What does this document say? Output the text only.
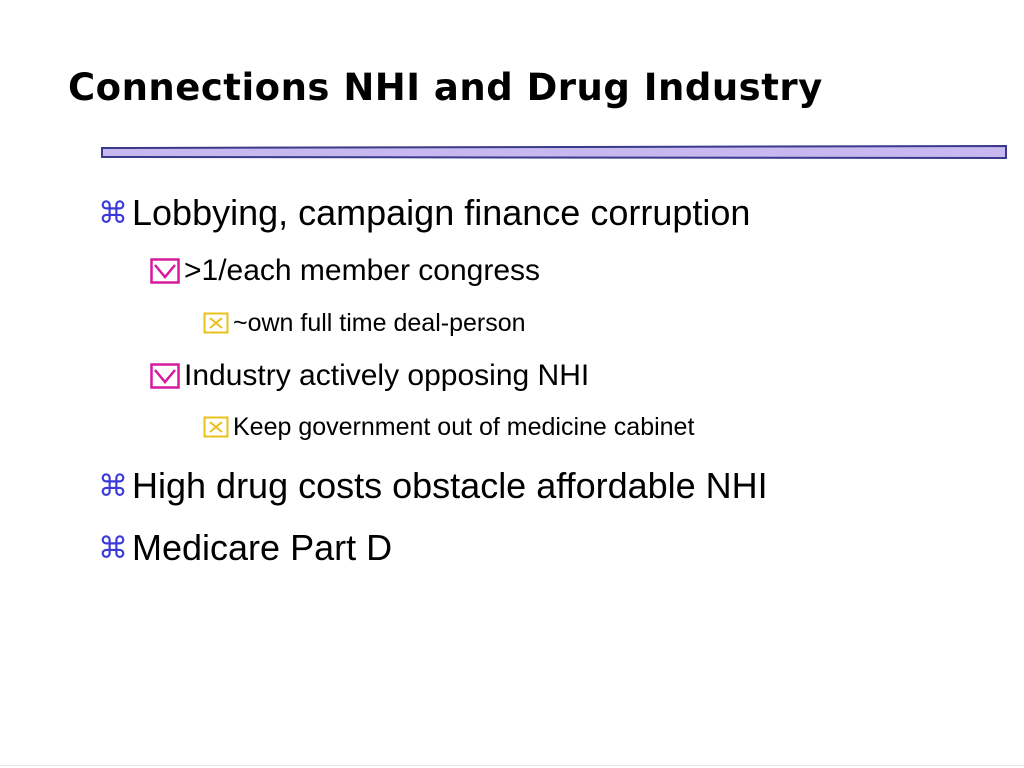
Connections NHI and Drug Industry
⌘ Lobbying, campaign finance corruption
>1/each member congress
~own full time deal-person
Industry actively opposing NHI
Keep government out of medicine cabinet
⌘ High drug costs obstacle affordable NHI
⌘ Medicare Part D
